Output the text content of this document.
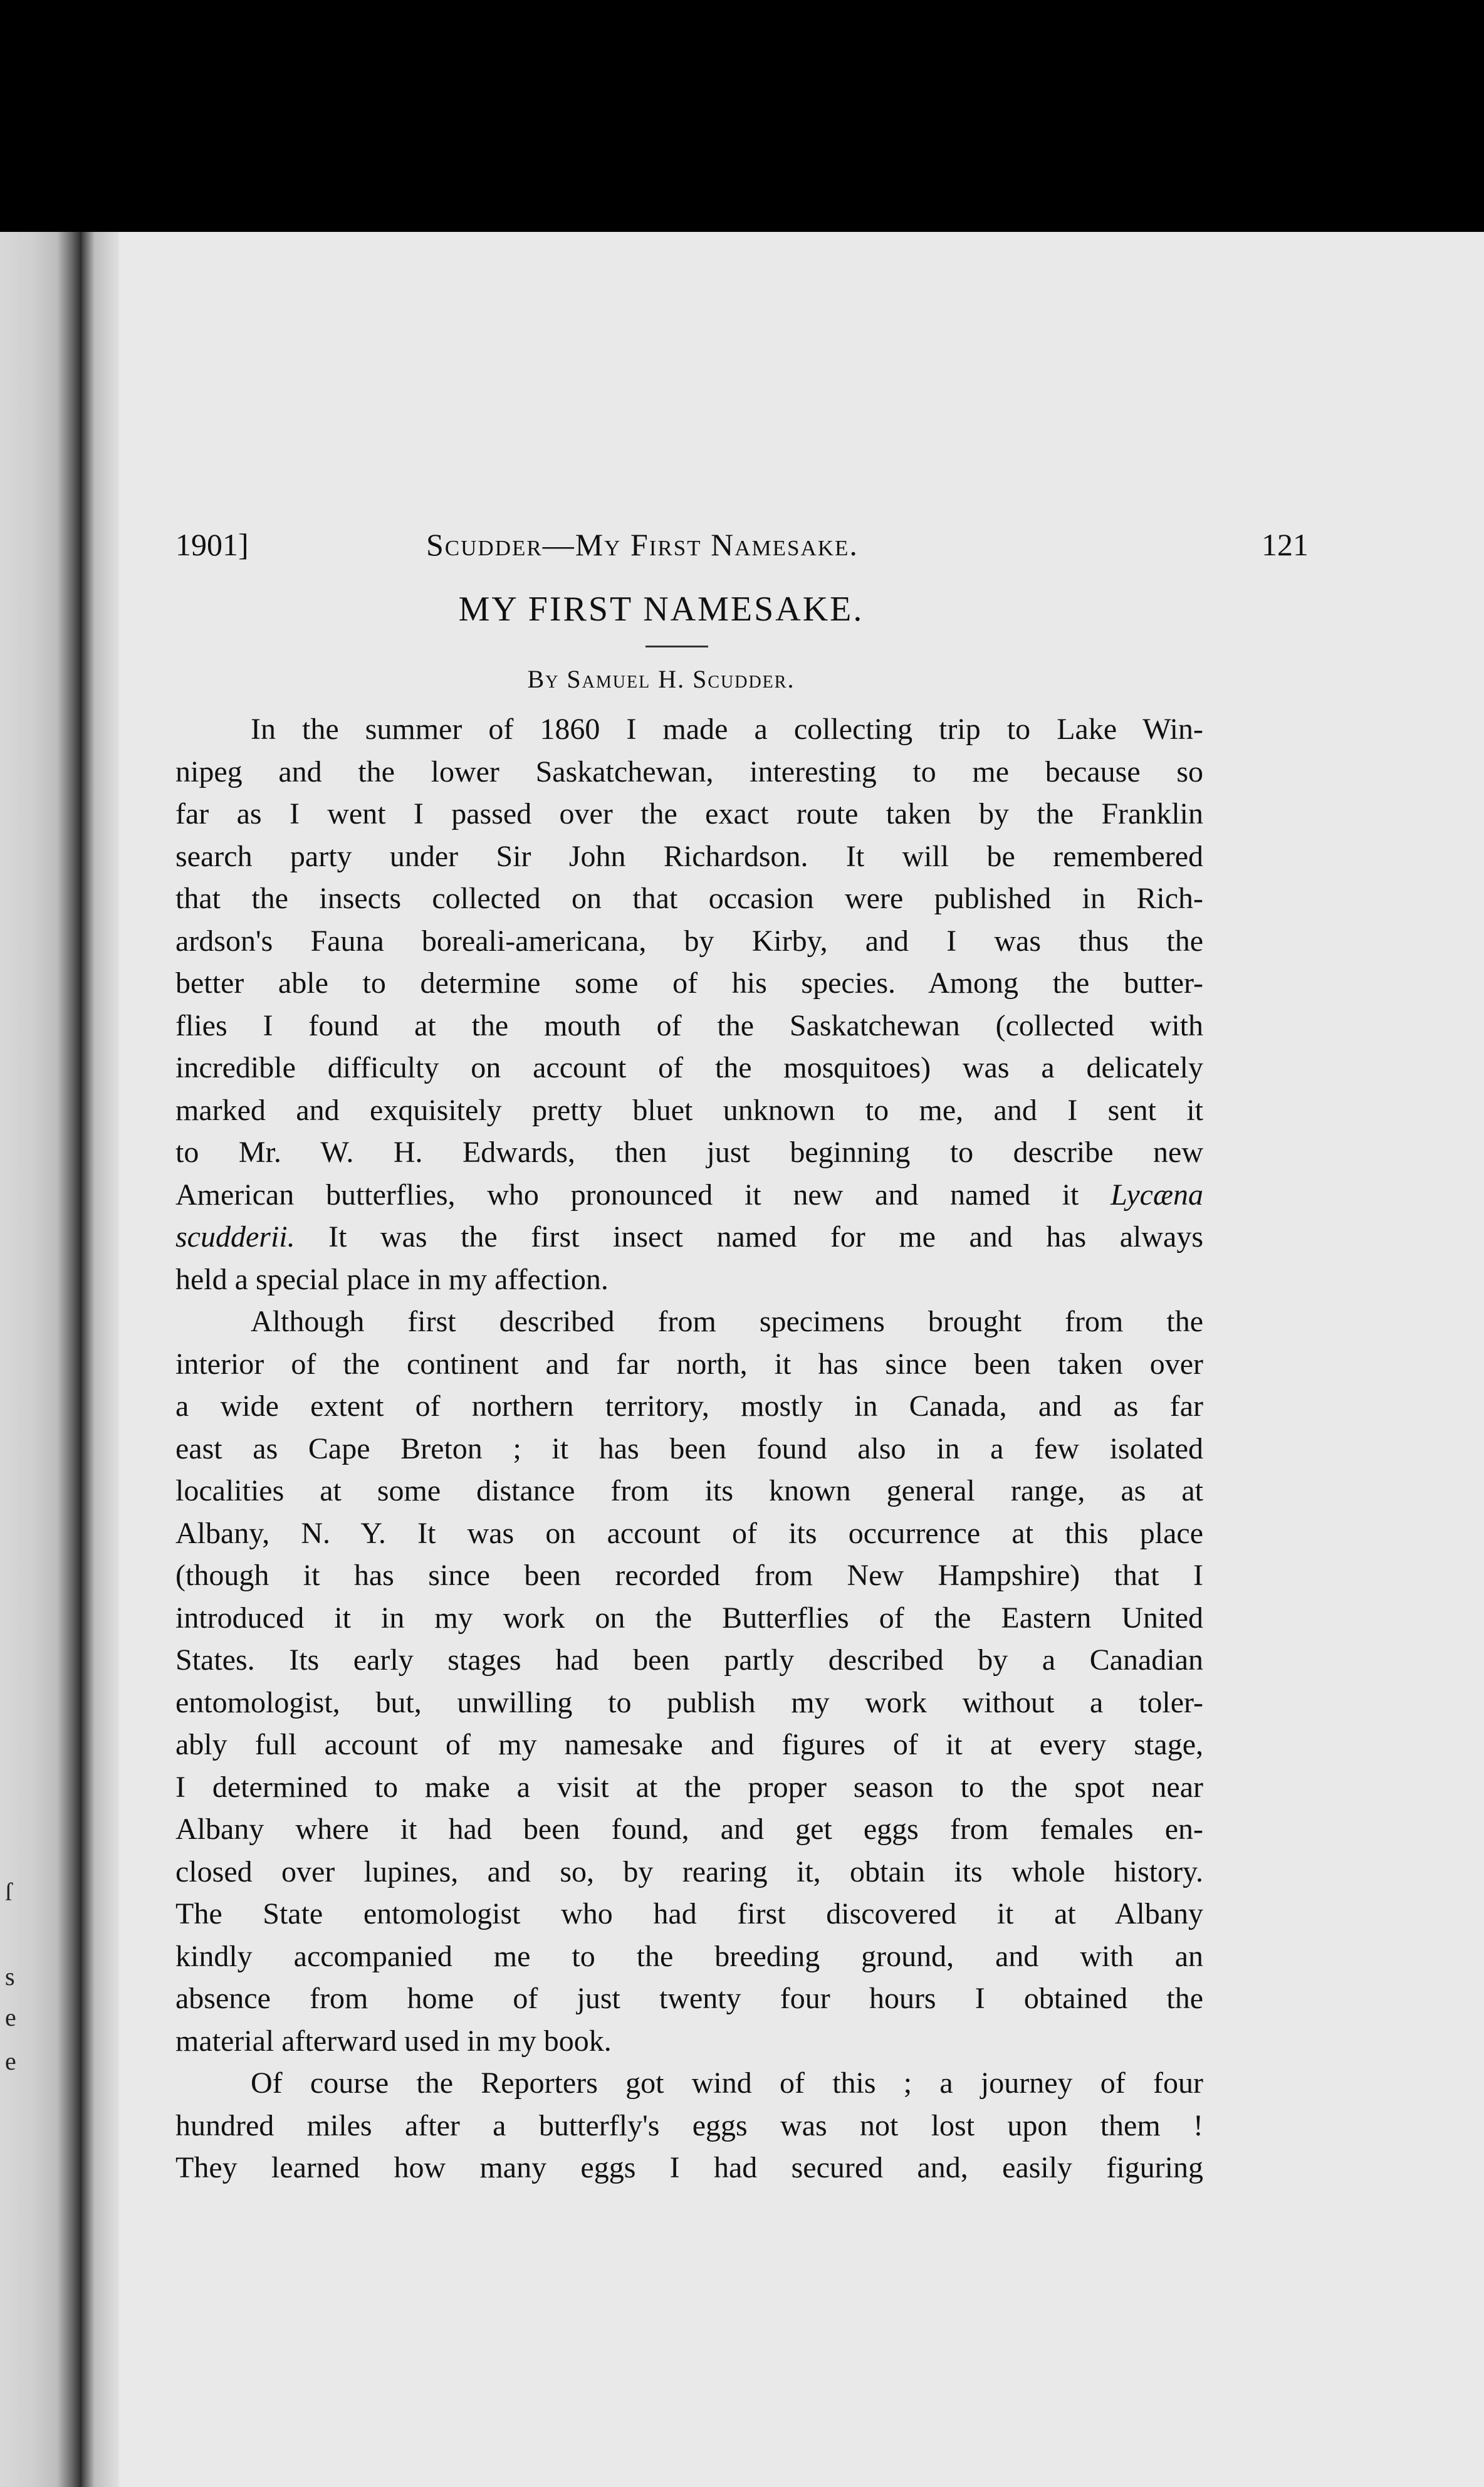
ſ
s
e
e
1901]	Scudder—My First Namesake.	121
MY FIRST NAMESAKE.
By Samuel H. Scudder.

In the summer of 1860 I made a collecting trip to Lake Win-
nipeg and the lower Saskatchewan, interesting to me because so
far as I went I passed over the exact route taken by the Franklin
search party under Sir John Richardson. It will be remembered
that the insects collected on that occasion were published in Rich-
ardson's Fauna boreali-americana, by Kirby, and I was thus the
better able to determine some of his species. Among the butter-
flies I found at the mouth of the Saskatchewan (collected with
incredible difficulty on account of the mosquitoes) was a delicately
marked and exquisitely pretty bluet unknown to me, and I sent it
to Mr. W. H. Edwards, then just beginning to describe new
American butterflies, who pronounced it new and named it Lycæna
scudderii. It was the first insect named for me and has always
held a special place in my affection.

Although first described from specimens brought from the
interior of the continent and far north, it has since been taken over
a wide extent of northern territory, mostly in Canada, and as far
east as Cape Breton ; it has been found also in a few isolated
localities at some distance from its known general range, as at
Albany, N. Y. It was on account of its occurrence at this place
(though it has since been recorded from New Hampshire) that I
introduced it in my work on the Butterflies of the Eastern United
States. Its early stages had been partly described by a Canadian
entomologist, but, unwilling to publish my work without a toler-
ably full account of my namesake and figures of it at every stage,
I determined to make a visit at the proper season to the spot near
Albany where it had been found, and get eggs from females en-
closed over lupines, and so, by rearing it, obtain its whole history.
The State entomologist who had first discovered it at Albany
kindly accompanied me to the breeding ground, and with an
absence from home of just twenty four hours I obtained the
material afterward used in my book.

Of course the Reporters got wind of this ; a journey of four
hundred miles after a butterfly's eggs was not lost upon them !
They learned how many eggs I had secured and, easily figuring
